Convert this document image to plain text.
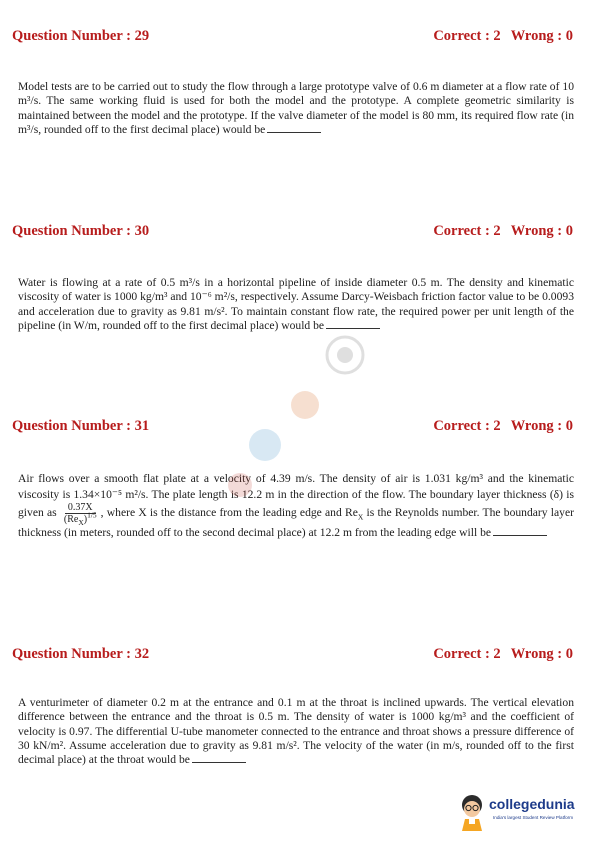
Question Number : 29	Correct : 2 Wrong : 0
Model tests are to be carried out to study the flow through a large prototype valve of 0.6 m diameter at a flow rate of 10 m³/s. The same working fluid is used for both the model and the prototype. A complete geometric similarity is maintained between the model and the prototype. If the valve diameter of the model is 80 mm, its required flow rate (in m³/s, rounded off to the first decimal place) would be
Question Number : 30	Correct : 2 Wrong : 0
Water is flowing at a rate of 0.5 m³/s in a horizontal pipeline of inside diameter 0.5 m. The density and kinematic viscosity of water is 1000 kg/m³ and 10⁻⁶ m²/s, respectively. Assume Darcy-Weisbach friction factor value to be 0.0093 and acceleration due to gravity as 9.81 m/s². To maintain constant flow rate, the required power per unit length of the pipeline (in W/m, rounded off to the first decimal place) would be
Question Number : 31	Correct : 2 Wrong : 0
Air flows over a smooth flat plate at a velocity of 4.39 m/s. The density of air is 1.031 kg/m³ and the kinematic viscosity is 1.34×10⁻⁵ m²/s. The plate length is 12.2 m in the direction of the flow. The boundary layer thickness (δ) is given as $\frac{0.37X}{(Re_X)^{1/5}}$ , where X is the distance from the leading edge and $Re_X$ is the Reynolds number. The boundary layer thickness (in meters, rounded off to the second decimal place) at 12.2 m from the leading edge will be
Question Number : 32	Correct : 2 Wrong : 0
A venturimeter of diameter 0.2 m at the entrance and 0.1 m at the throat is inclined upwards. The vertical elevation difference between the entrance and the throat is 0.5 m. The density of water is 1000 kg/m³ and the coefficient of velocity is 0.97. The differential U-tube manometer connected to the entrance and throat shows a pressure difference of 30 kN/m². Assume acceleration due to gravity as 9.81 m/s². The velocity of the water (in m/s, rounded off to the first decimal place) at the throat would be
collegedunia
India's largest Student Review Platform
